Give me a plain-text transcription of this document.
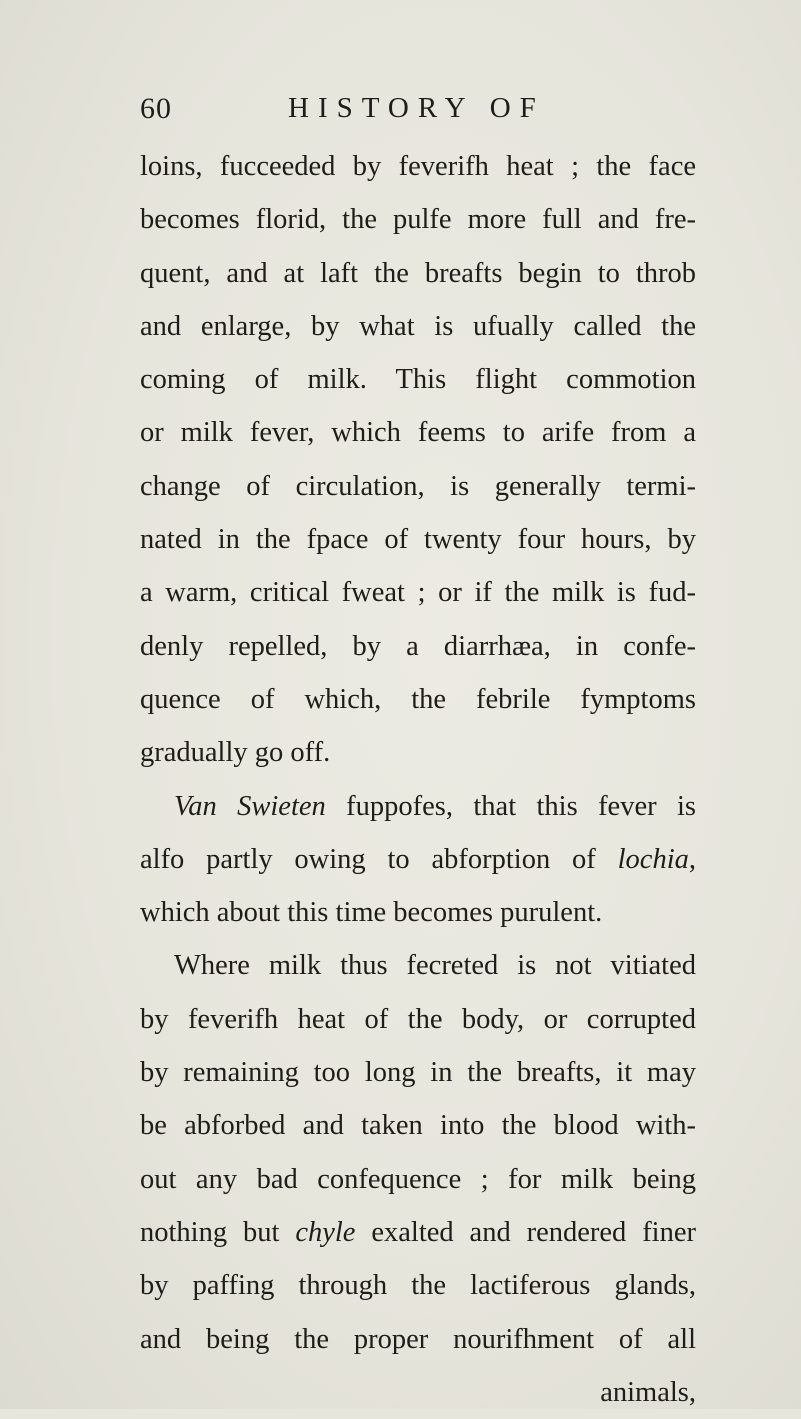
60	HISTORY OF
loins, fucceeded by feverifh heat ; the face
becomes florid, the pulfe more full and fre-
quent, and at laft the breafts begin to throb
and enlarge, by what is ufually called the
coming of milk. This flight commotion
or milk fever, which feems to arife from a
change of circulation, is generally termi-
nated in the fpace of twenty four hours, by
a warm, critical fweat ; or if the milk is fud-
denly repelled, by a diarrhæa, in confe-
quence of which, the febrile fymptoms
gradually go off.
Van Swieten fuppofes, that this fever is
alfo partly owing to abforption of lochia,
which about this time becomes purulent.
Where milk thus fecreted is not vitiated
by feverifh heat of the body, or corrupted
by remaining too long in the breafts, it may
be abforbed and taken into the blood with-
out any bad confequence ; for milk being
nothing but chyle exalted and rendered finer
by paffing through the lactiferous glands,
and being the proper nourifhment of all
animals,
